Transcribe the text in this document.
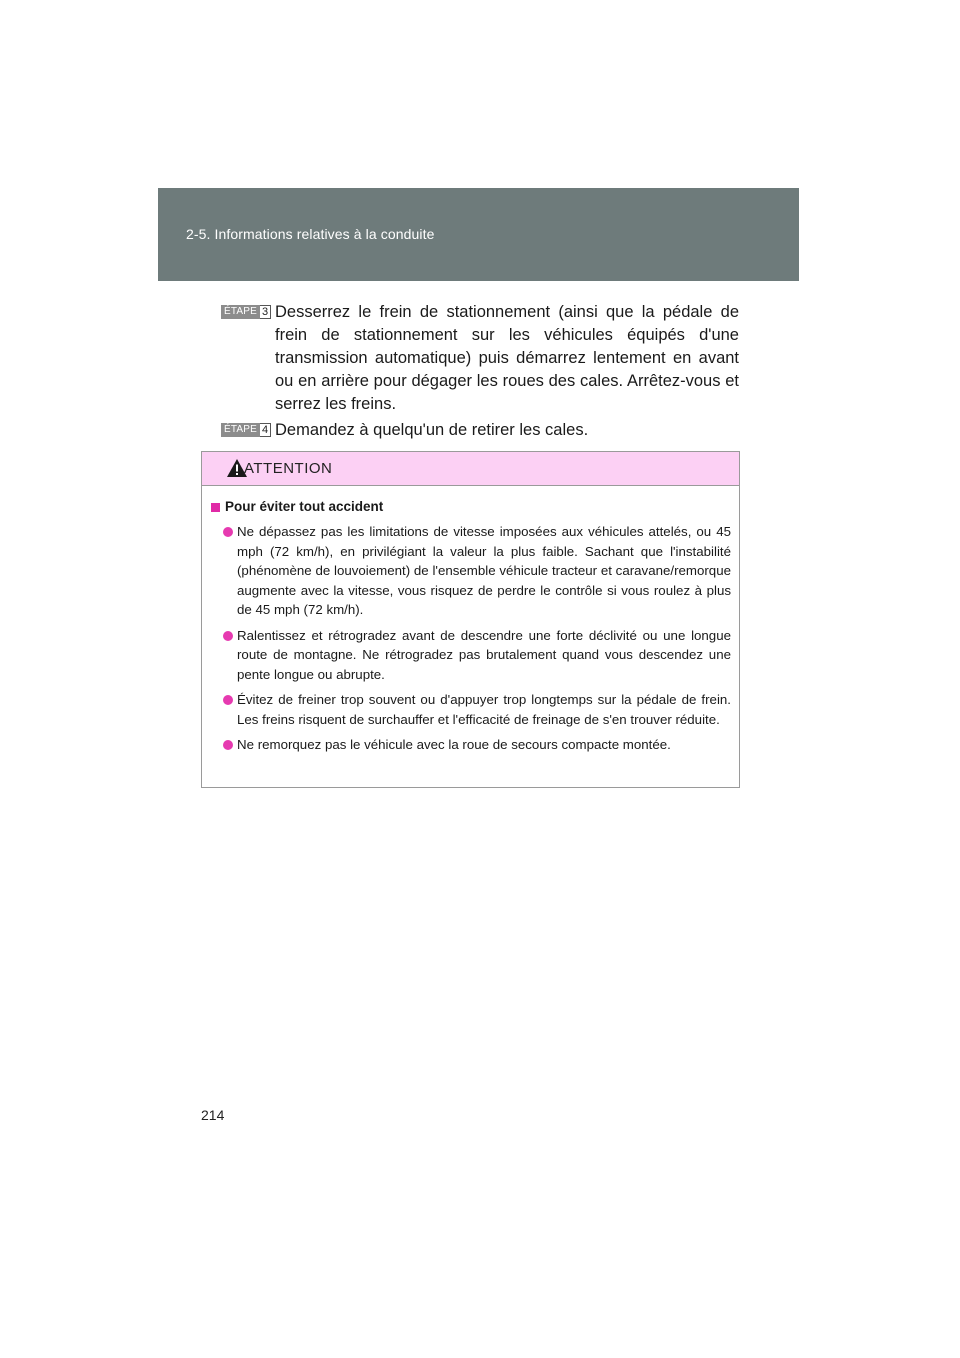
2-5. Informations relatives à la conduite
ÉTAPE 3 Desserrez le frein de stationnement (ainsi que la pédale de frein de stationnement sur les véhicules équipés d'une transmission automatique) puis démarrez lentement en avant ou en arrière pour dégager les roues des cales. Arrêtez-vous et serrez les freins.
ÉTAPE 4 Demandez à quelqu'un de retirer les cales.
ATTENTION
Pour éviter tout accident
Ne dépassez pas les limitations de vitesse imposées aux véhicules attelés, ou 45 mph (72 km/h), en privilégiant la valeur la plus faible. Sachant que l'instabilité (phénomène de louvoiement) de l'ensemble véhicule tracteur et caravane/remorque augmente avec la vitesse, vous risquez de perdre le contrôle si vous roulez à plus de 45 mph (72 km/h).
Ralentissez et rétrogradez avant de descendre une forte déclivité ou une longue route de montagne. Ne rétrogradez pas brutalement quand vous descendez une pente longue ou abrupte.
Évitez de freiner trop souvent ou d'appuyer trop longtemps sur la pédale de frein. Les freins risquent de surchauffer et l'efficacité de freinage de s'en trouver réduite.
Ne remorquez pas le véhicule avec la roue de secours compacte montée.
214
